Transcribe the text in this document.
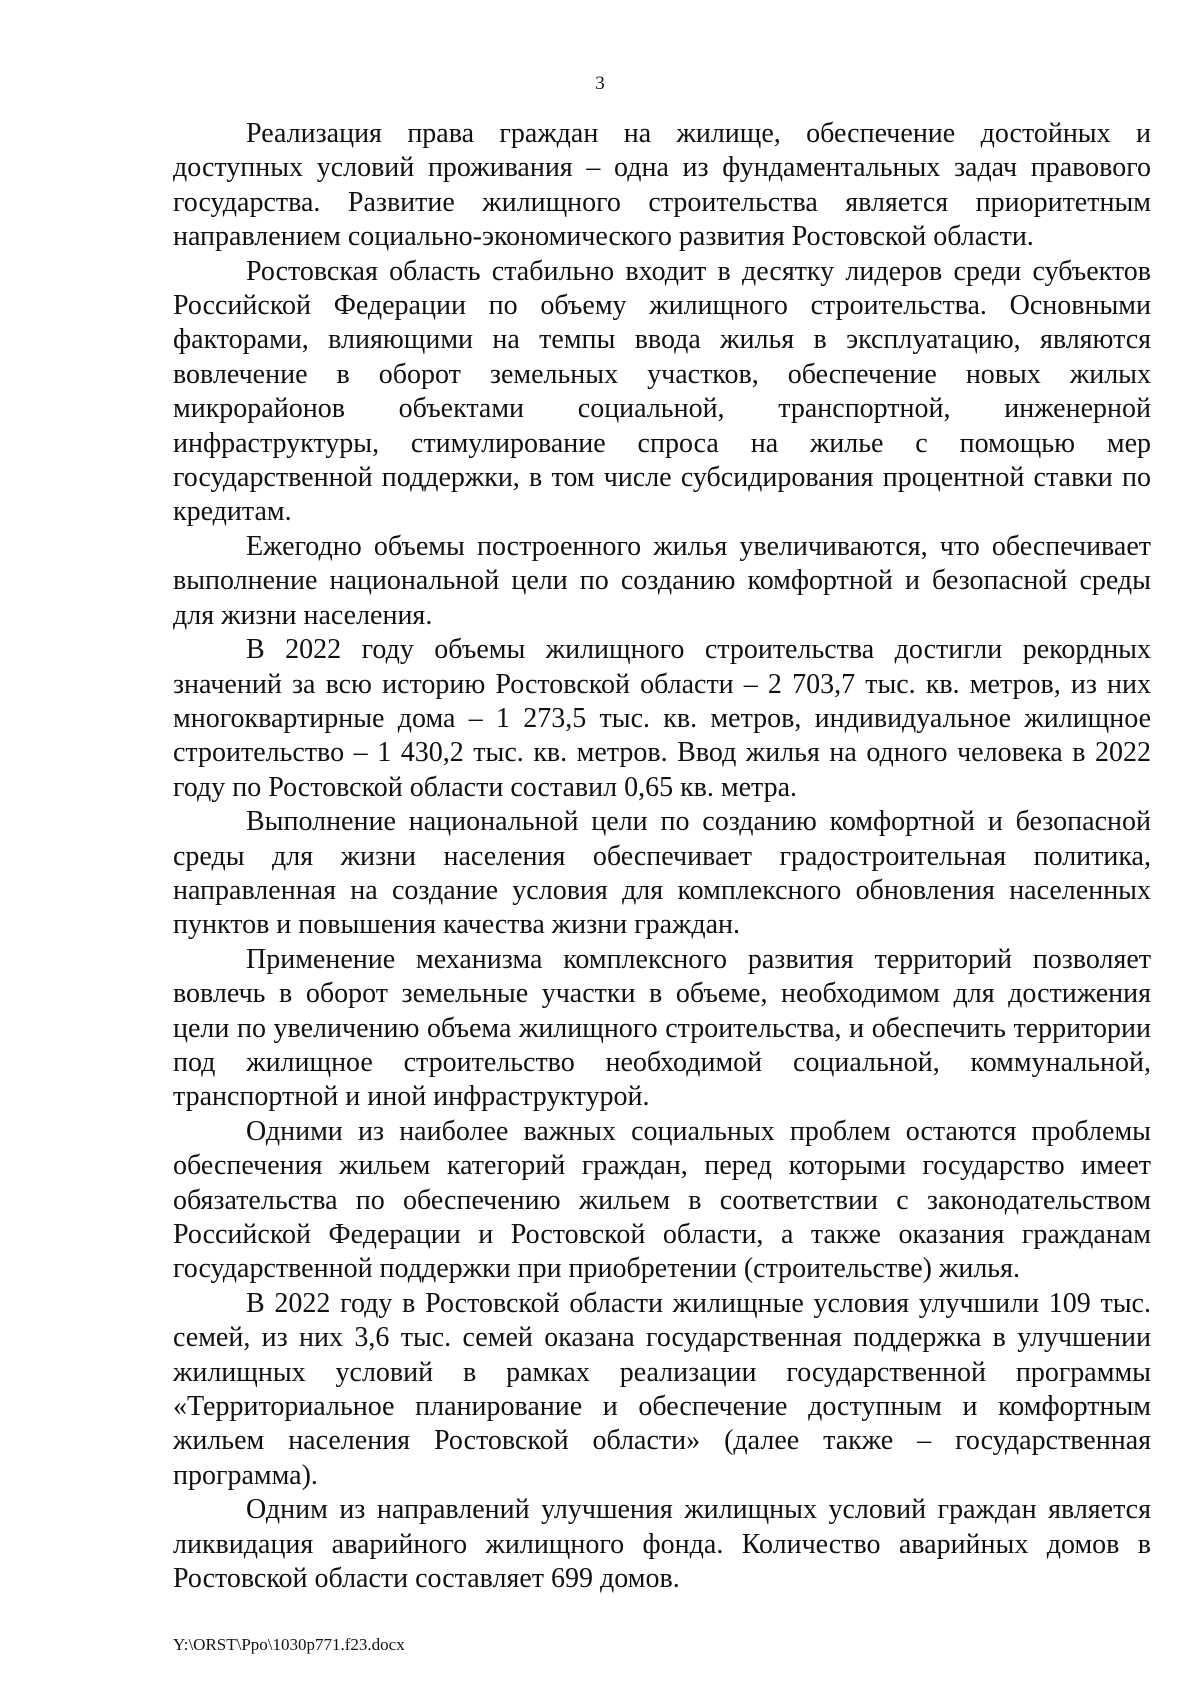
3

Реализация права граждан на жилище, обеспечение достойных и доступных условий проживания – одна из фундаментальных задач правового государства. Развитие жилищного строительства является приоритетным направлением социально-экономического развития Ростовской области.

Ростовская область стабильно входит в десятку лидеров среди субъектов Российской Федерации по объему жилищного строительства. Основными факторами, влияющими на темпы ввода жилья в эксплуатацию, являются вовлечение в оборот земельных участков, обеспечение новых жилых микрорайонов объектами социальной, транспортной, инженерной инфраструктуры, стимулирование спроса на жилье с помощью мер государственной поддержки, в том числе субсидирования процентной ставки по кредитам.

Ежегодно объемы построенного жилья увеличиваются, что обеспечивает выполнение национальной цели по созданию комфортной и безопасной среды для жизни населения.

В 2022 году объемы жилищного строительства достигли рекордных значений за всю историю Ростовской области – 2 703,7 тыс. кв. метров, из них многоквартирные дома – 1 273,5 тыс. кв. метров, индивидуальное жилищное строительство – 1 430,2 тыс. кв. метров. Ввод жилья на одного человека в 2022 году по Ростовской области составил 0,65 кв. метра.

Выполнение национальной цели по созданию комфортной и безопасной среды для жизни населения обеспечивает градостроительная политика, направленная на создание условия для комплексного обновления населенных пунктов и повышения качества жизни граждан.

Применение механизма комплексного развития территорий позволяет вовлечь в оборот земельные участки в объеме, необходимом для достижения цели по увеличению объема жилищного строительства, и обеспечить территории под жилищное строительство необходимой социальной, коммунальной, транспортной и иной инфраструктурой.

Одними из наиболее важных социальных проблем остаются проблемы обеспечения жильем категорий граждан, перед которыми государство имеет обязательства по обеспечению жильем в соответствии с законодательством Российской Федерации и Ростовской области, а также оказания гражданам государственной поддержки при приобретении (строительстве) жилья.

В 2022 году в Ростовской области жилищные условия улучшили 109 тыс. семей, из них 3,6 тыс. семей оказана государственная поддержка в улучшении жилищных условий в рамках реализации государственной программы «Территориальное планирование и обеспечение доступным и комфортным жильем населения Ростовской области» (далее также – государственная программа).

Одним из направлений улучшения жилищных условий граждан является ликвидация аварийного жилищного фонда. Количество аварийных домов в Ростовской области составляет 699 домов.

Y:\ORST\Ppo\1030p771.f23.docx
